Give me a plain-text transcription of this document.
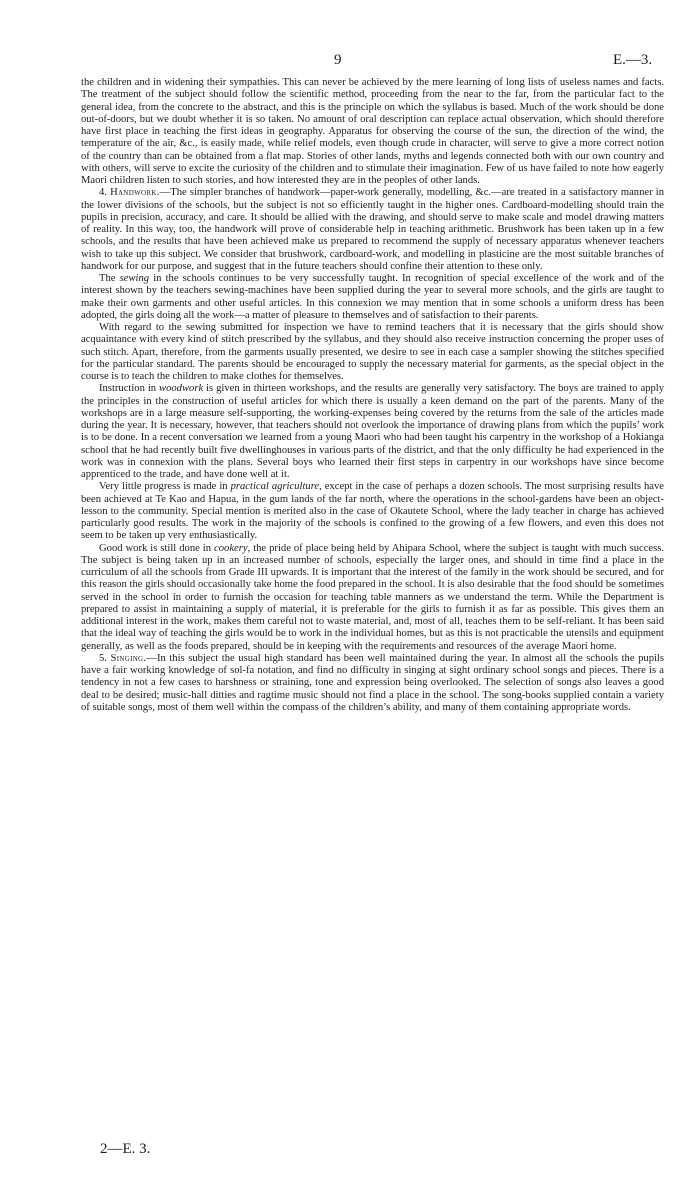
9	E.—3.

the children and in widening their sympathies. This can never be achieved by the mere learning of long lists of useless names and facts. The treatment of the subject should follow the scientific method, proceeding from the near to the far, from the particular fact to the general idea, from the concrete to the abstract, and this is the principle on which the syllabus is based. Much of the work should be done out-of-doors, but we doubt whether it is so taken. No amount of oral description can replace actual observation, which should therefore have first place in teaching the first ideas in geography. Apparatus for observing the course of the sun, the direction of the wind, the temperature of the air, &c., is easily made, while relief models, even though crude in character, will serve to give a more correct notion of the country than can be obtained from a flat map. Stories of other lands, myths and legends connected both with our own country and with others, will serve to excite the curiosity of the children and to stimulate their imagination. Few of us have failed to note how eagerly Maori children listen to such stories, and how interested they are in the peoples of other lands.

4. Handwork.—The simpler branches of handwork—paper-work generally, modelling, &c.—are treated in a satisfactory manner in the lower divisions of the schools, but the subject is not so efficiently taught in the higher ones. Cardboard-modelling should train the pupils in precision, accuracy, and care. It should be allied with the drawing, and should serve to make scale and model drawing matters of reality. In this way, too, the handwork will prove of considerable help in teaching arithmetic. Brushwork has been taken up in a few schools, and the results that have been achieved make us prepared to recommend the supply of necessary apparatus whenever teachers wish to take up this subject. We consider that brushwork, cardboard-work, and modelling in plasticine are the most suitable branches of handwork for our purpose, and suggest that in the future teachers should confine their attention to these only.

The sewing in the schools continues to be very successfully taught. In recognition of special excellence of the work and of the interest shown by the teachers sewing-machines have been supplied during the year to several more schools, and the girls are taught to make their own garments and other useful articles. In this connexion we may mention that in some schools a uniform dress has been adopted, the girls doing all the work—a matter of pleasure to themselves and of satisfaction to their parents.

With regard to the sewing submitted for inspection we have to remind teachers that it is necessary that the girls should show acquaintance with every kind of stitch prescribed by the syllabus, and they should also receive instruction concerning the proper uses of such stitch. Apart, therefore, from the garments usually presented, we desire to see in each case a sampler showing the stitches specified for the particular standard. The parents should be encouraged to supply the necessary material for garments, as the special object in the course is to teach the children to make clothes for themselves.

Instruction in woodwork is given in thirteen workshops, and the results are generally very satisfactory. The boys are trained to apply the principles in the construction of useful articles for which there is usually a keen demand on the part of the parents. Many of the workshops are in a large measure self-supporting, the working-expenses being covered by the returns from the sale of the articles made during the year. It is necessary, however, that teachers should not overlook the importance of drawing plans from which the pupils’ work is to be done. In a recent conversation we learned from a young Maori who had been taught his carpentry in the workshop of a Hokianga school that he had recently built five dwellinghouses in various parts of the district, and that the only difficulty he had experienced in the work was in connexion with the plans. Several boys who learned their first steps in carpentry in our workshops have since become apprenticed to the trade, and have done well at it.

Very little progress is made in practical agriculture, except in the case of perhaps a dozen schools. The most surprising results have been achieved at Te Kao and Hapua, in the gum lands of the far north, where the operations in the school-gardens have been an object-lesson to the community. Special mention is merited also in the case of Okautete School, where the lady teacher in charge has achieved particularly good results. The work in the majority of the schools is confined to the growing of a few flowers, and even this does not seem to be taken up very enthusiastically.

Good work is still done in cookery, the pride of place being held by Ahipara School, where the subject is taught with much success. The subject is being taken up in an increased number of schools, especially the larger ones, and should in time find a place in the curriculum of all the schools from Grade III upwards. It is important that the interest of the family in the work should be secured, and for this reason the girls should occasionally take home the food prepared in the school. It is also desirable that the food should be sometimes served in the school in order to furnish the occasion for teaching table manners as we understand the term. While the Department is prepared to assist in maintaining a supply of material, it is preferable for the girls to furnish it as far as possible. This gives them an additional interest in the work, makes them careful not to waste material, and, most of all, teaches them to be self-reliant. It has been said that the ideal way of teaching the girls would be to work in the individual homes, but as this is not practicable the utensils and equipment generally, as well as the foods prepared, should be in keeping with the requirements and resources of the average Maori home.

5. Singing.—In this subject the usual high standard has been well maintained during the year. In almost all the schools the pupils have a fair working knowledge of sol-fa notation, and find no difficulty in singing at sight ordinary school songs and pieces. There is a tendency in not a few cases to harshness or straining, tone and expression being overlooked. The selection of songs also leaves a good deal to be desired; music-hall ditties and ragtime music should not find a place in the school. The song-books supplied contain a variety of suitable songs, most of them well within the compass of the children’s ability, and many of them containing appropriate words.

2—E. 3.
